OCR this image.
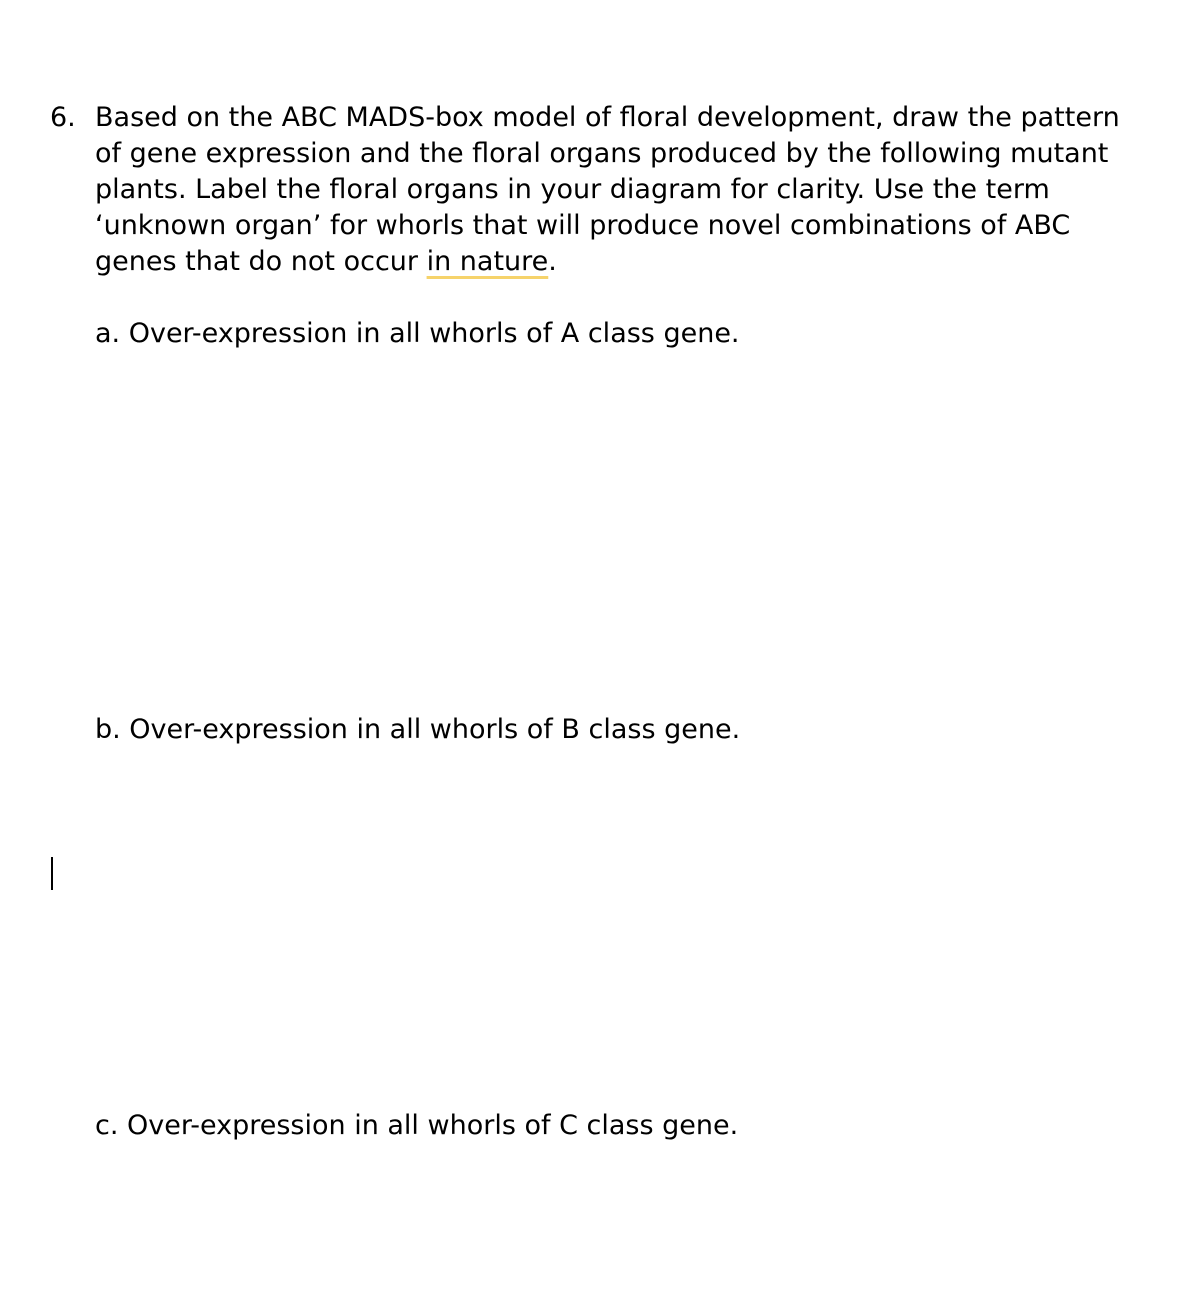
6. Based on the ABC MADS-box model of floral development, draw the pattern
of gene expression and the floral organs produced by the following mutant
plants. Label the floral organs in your diagram for clarity. Use the term
‘unknown organ’ for whorls that will produce novel combinations of ABC
genes that do not occur in nature.
a. Over-expression in all whorls of A class gene.
b. Over-expression in all whorls of B class gene.
c. Over-expression in all whorls of C class gene.
